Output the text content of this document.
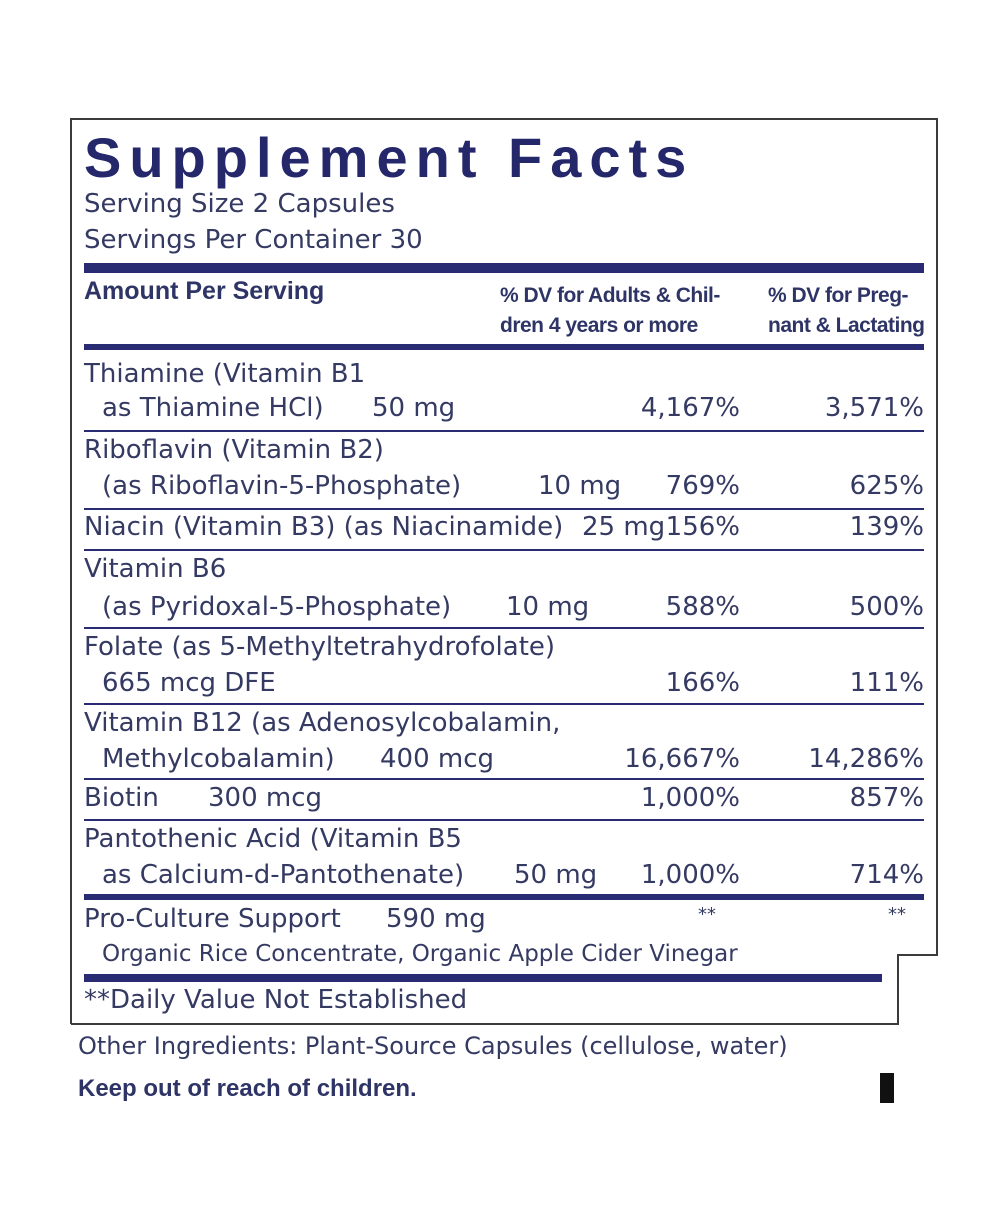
Supplement Facts
Serving Size 2 Capsules
Servings Per Container 30
Amount Per Serving	% DV for Adults & Chil-
dren 4 years or more
% DV for Preg-
nant & Lactating
Thiamine (Vitamin B1
as Thiamine HCl) 50 mg	4,167%	3,571%
Riboflavin (Vitamin B2)
(as Riboflavin-5-Phosphate)	10 mg 769%	625%
Niacin (Vitamin B3) (as Niacinamide) 25 mg 156%	139%
Vitamin B6
(as Pyridoxal-5-Phosphate) 10 mg	588%	500%
Folate (as 5-Methyltetrahydrofolate)
665 mcg DFE	166%	111%
Vitamin B12 (as Adenosylcobalamin,
Methylcobalamin) 400 mcg	16,667%	14,286%
Biotin 300 mcg	1,000%	857%
Pantothenic Acid (Vitamin B5
as Calcium-d-Pantothenate) 50 mg 1,000%	714%
Pro-Culture Support 590 mg	**	**
Organic Rice Concentrate, Organic Apple Cider Vinegar
**Daily Value Not Established
Other Ingredients: Plant-Source Capsules (cellulose, water)
Keep out of reach of children.
